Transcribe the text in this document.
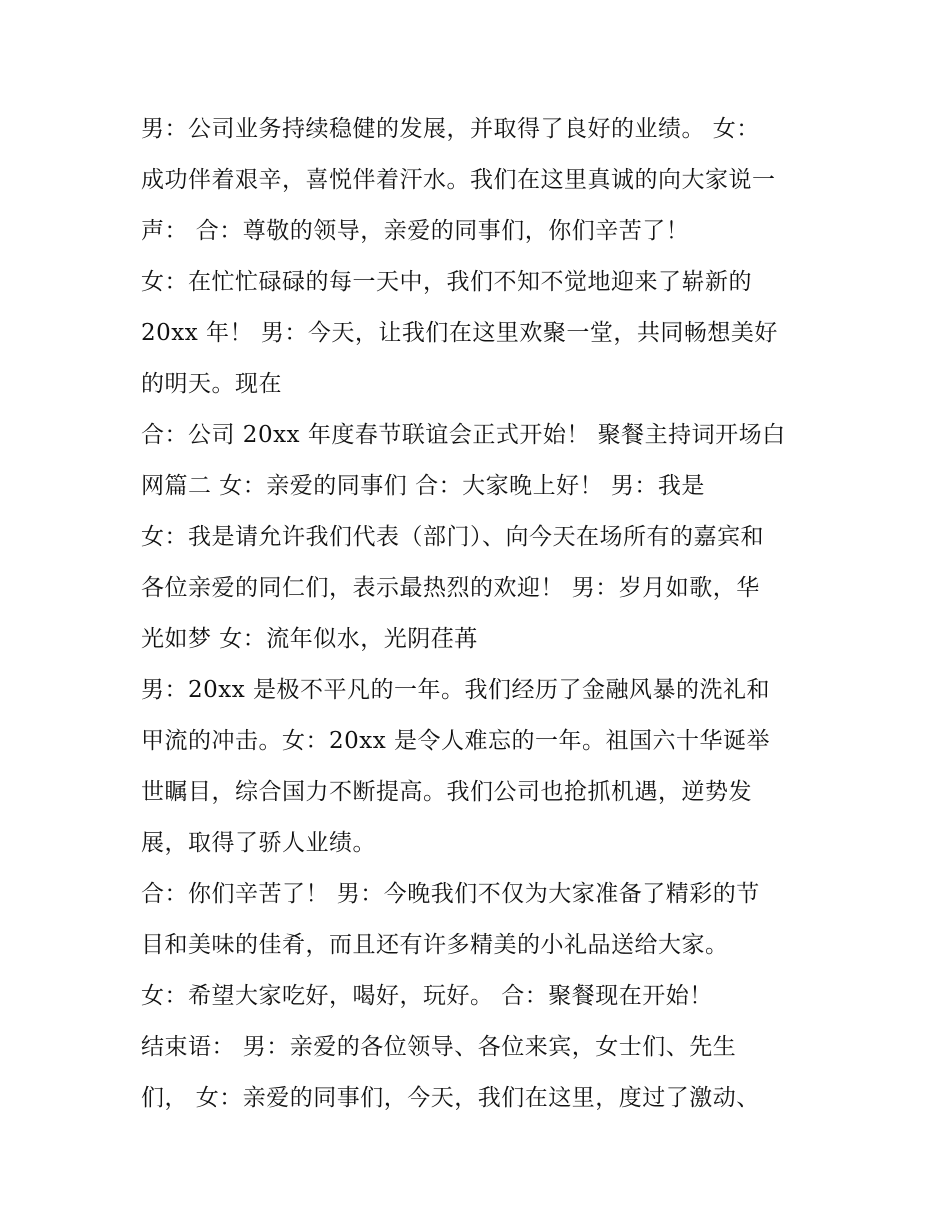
男：公司业务持续稳健的发展，并取得了良好的业绩。 女：
成功伴着艰辛，喜悦伴着汗水。我们在这里真诚的向大家说一
声： 合：尊敬的领导，亲爱的同事们，你们辛苦了！
女：在忙忙碌碌的每一天中，我们不知不觉地迎来了崭新的
20xx 年！ 男：今天，让我们在这里欢聚一堂，共同畅想美好
的明天。现在
合：公司 20xx 年度春节联谊会正式开始！ 聚餐主持词开场白
网篇二 女：亲爱的同事们 合：大家晚上好！ 男：我是
女：我是请允许我们代表（部门）、向今天在场所有的嘉宾和
各位亲爱的同仁们，表示最热烈的欢迎！ 男：岁月如歌，华
光如梦 女：流年似水，光阴荏苒
男：20xx 是极不平凡的一年。我们经历了金融风暴的洗礼和
甲流的冲击。女：20xx 是令人难忘的一年。祖国六十华诞举
世瞩目，综合国力不断提高。我们公司也抢抓机遇，逆势发
展，取得了骄人业绩。
合：你们辛苦了！ 男：今晚我们不仅为大家准备了精彩的节
目和美味的佳肴，而且还有许多精美的小礼品送给大家。
女：希望大家吃好，喝好，玩好。 合：聚餐现在开始！
结束语： 男：亲爱的各位领导、各位来宾，女士们、先生
们， 女：亲爱的同事们，今天，我们在这里，度过了激动、
